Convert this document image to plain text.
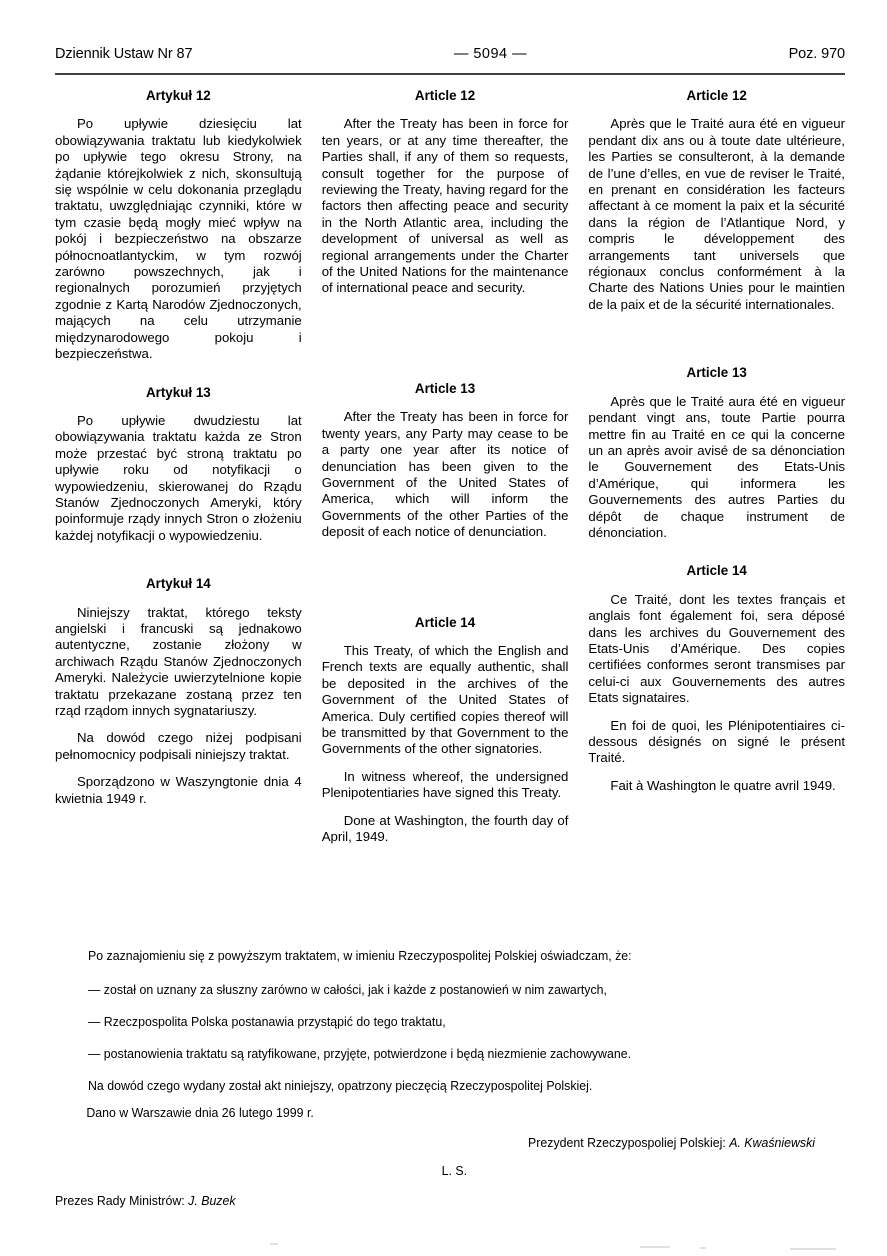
Dziennik Ustaw Nr 87	— 5094 —	Poz. 970
Artykuł 12

Po upływie dziesięciu lat obowiązywania traktatu lub kiedykolwiek po upływie tego okresu Strony, na żądanie którejkolwiek z nich, skonsultują się wspólnie w celu dokonania przeglądu traktatu, uwzględniając czynniki, które w tym czasie będą mogły mieć wpływ na pokój i bezpieczeństwo na obszarze północnoatlantyckim, w tym rozwój zarówno powszechnych, jak i regionalnych porozumień przyjętych zgodnie z Kartą Narodów Zjednoczonych, mających na celu utrzymanie międzynarodowego pokoju i bezpieczeństwa.

Artykuł 13

Po upływie dwudziestu lat obowiązywania traktatu każda ze Stron może przestać być stroną traktatu po upływie roku od notyfikacji o wypowiedzeniu, skierowanej do Rządu Stanów Zjednoczonych Ameryki, który poinformuje rządy innych Stron o złożeniu każdej notyfikacji o wypowiedzeniu.

Artykuł 14

Niniejszy traktat, którego teksty angielski i francuski są jednakowo autentyczne, zostanie złożony w archiwach Rządu Stanów Zjednoczonych Ameryki. Należycie uwierzytelnione kopie traktatu przekazane zostaną przez ten rząd rządom innych sygnatariuszy.

Na dowód czego niżej podpisani pełnomocnicy podpisali niniejszy traktat.

Sporządzono w Waszyngtonie dnia 4 kwietnia 1949 r.

Article 12

After the Treaty has been in force for ten years, or at any time thereafter, the Parties shall, if any of them so requests, consult together for the purpose of reviewing the Treaty, having regard for the factors then affecting peace and security in the North Atlantic area, including the development of universal as well as regional arrangements under the Charter of the United Nations for the maintenance of international peace and security.

Article 13

After the Treaty has been in force for twenty years, any Party may cease to be a party one year after its notice of denunciation has been given to the Government of the United States of America, which will inform the Governments of the other Parties of the deposit of each notice of denunciation.

Article 14

This Treaty, of which the English and French texts are equally authentic, shall be deposited in the archives of the Government of the United States of America. Duly certified copies thereof will be transmitted by that Government to the Governments of the other signatories.

In witness whereof, the undersigned Plenipotentiaries have signed this Treaty.

Done at Washington, the fourth day of April, 1949.

Article 12

Après que le Traité aura été en vigueur pendant dix ans ou à toute date ultérieure, les Parties se consulteront, à la demande de l’une d’elles, en vue de reviser le Traité, en prenant en considération les facteurs affectant à ce moment la paix et la sécurité dans la région de l’Atlantique Nord, y compris le développement des arrangements tant universels que régionaux conclus conformément à la Charte des Nations Unies pour le maintien de la paix et de la sécurité internationales.

Article 13

Après que le Traité aura été en vigueur pendant vingt ans, toute Partie pourra mettre fin au Traité en ce qui la concerne un an après avoir avisé de sa dénonciation le Gouvernement des Etats-Unis d’Amérique, qui informera les Gouvernements des autres Parties du dépôt de chaque instrument de dénonciation.

Article 14

Ce Traité, dont les textes français et anglais font également foi, sera déposé dans les archives du Gouvernement des Etats-Unis d’Amérique. Des copies certifiées conformes seront transmises par celui-ci aux Gouvernements des autres Etats signataires.

En foi de quoi, les Plénipotentiaires ci-dessous désignés on signé le présent Traité.

Fait à Washington le quatre avril 1949.

Po zaznajomieniu się z powyższym traktatem, w imieniu Rzeczypospolitej Polskiej oświadczam, że:

— został on uznany za słuszny zarówno w całości, jak i każde z postanowień w nim zawartych,

— Rzeczpospolita Polska postanawia przystąpić do tego traktatu,

— postanowienia traktatu są ratyfikowane, przyjęte, potwierdzone i będą niezmienie zachowywane.

Na dowód czego wydany został akt niniejszy, opatrzony pieczęcią Rzeczypospolitej Polskiej.

Dano w Warszawie dnia 26 lutego 1999 r.
Prezydent Rzeczypospoliej Polskiej: A. Kwaśniewski
L. S.
Prezes Rady Ministrów: J. Buzek
